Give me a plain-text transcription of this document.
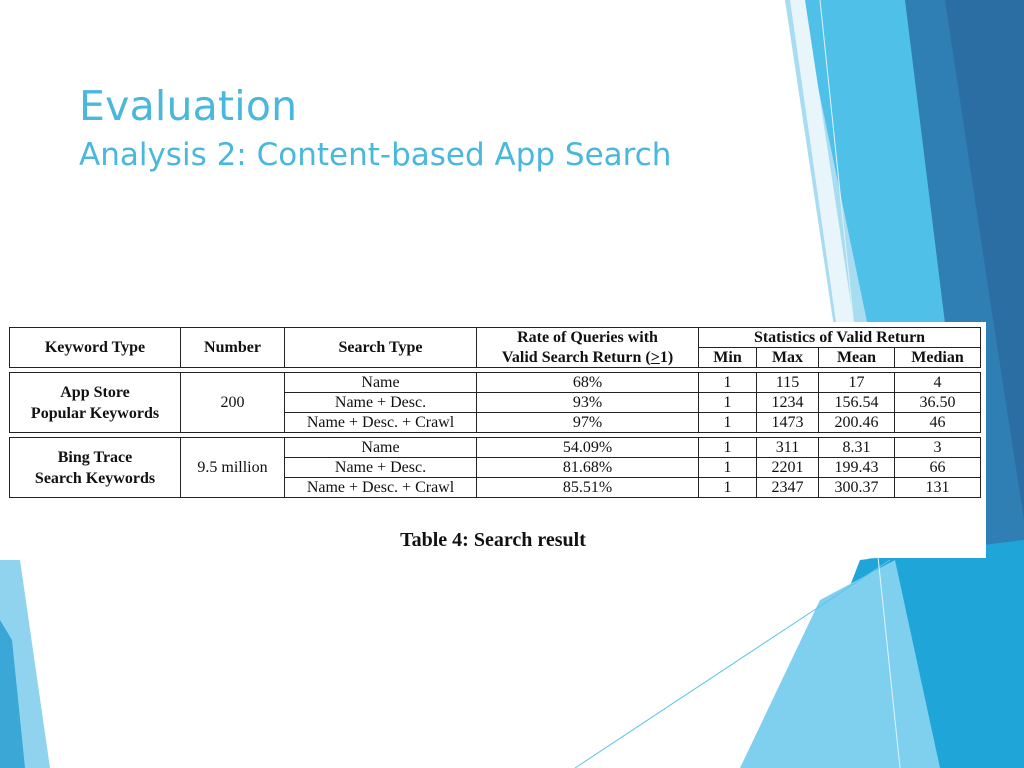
Evaluation
Analysis 2: Content-based App Search
Keyword Type	Number	Search Type	Rate of Queries with	Statistics of Valid Return			
			Valid Search Return (≥1)	Min	Max	Mean	Median

App Store
Popular Keywords	200	Name	68%	1	115	17	4
		Name + Desc.	93%	1	1234	156.54	36.50
		Name + Desc. + Crawl	97%	1	1473	200.46	46

Bing Trace
Search Keywords	9.5 million	Name	54.09%	1	311	8.31	3
		Name + Desc.	81.68%	1	2201	199.43	66
		Name + Desc. + Crawl	85.51%	1	2347	300.37	131
Table 4: Search result
